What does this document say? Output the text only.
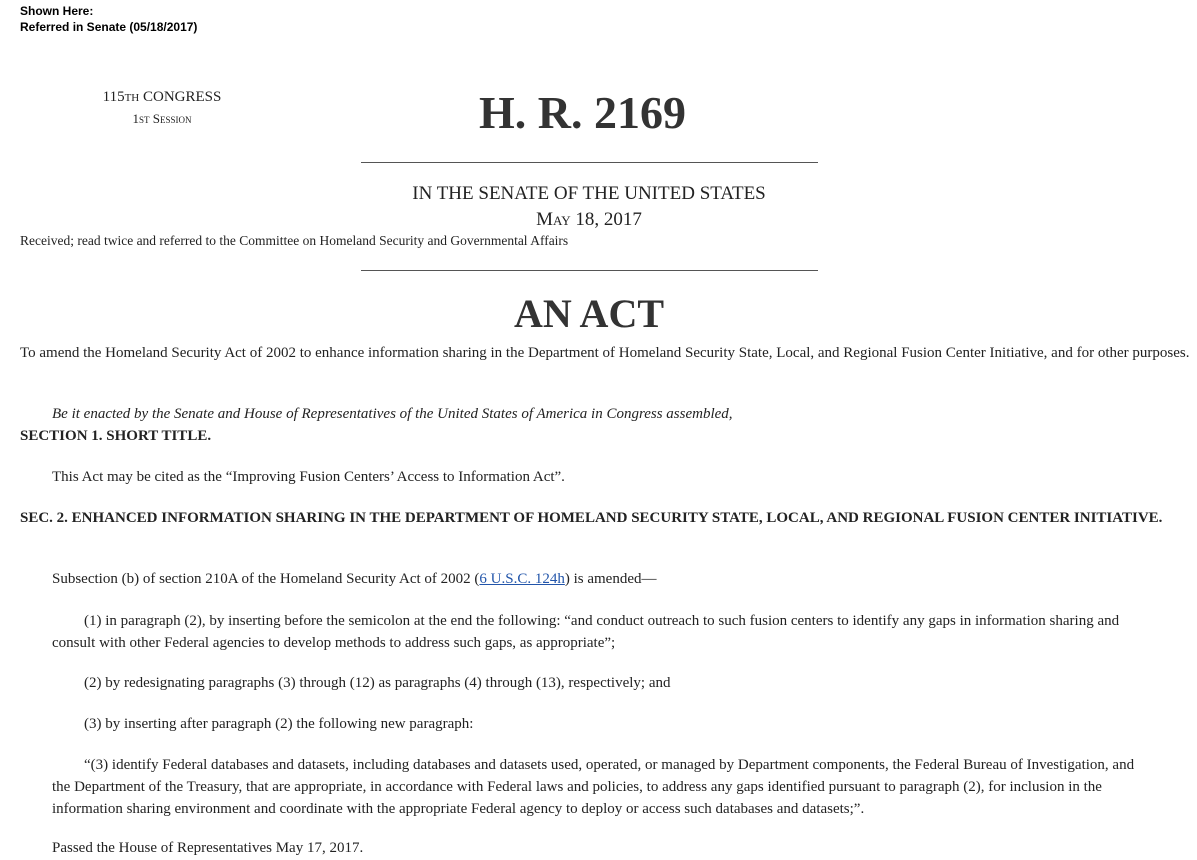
Shown Here:
Referred in Senate (05/18/2017)
115th CONGRESS
1st Session	H. R. 2169
IN THE SENATE OF THE UNITED STATES
May 18, 2017
Received; read twice and referred to the Committee on Homeland Security and Governmental Affairs
AN ACT
To amend the Homeland Security Act of 2002 to enhance information sharing in the Department of Homeland Security State, Local, and Regional Fusion Center Initiative, and for other purposes.
Be it enacted by the Senate and House of Representatives of the United States of America in Congress assembled,
SECTION 1. SHORT TITLE.
This Act may be cited as the “Improving Fusion Centers’ Access to Information Act”.
SEC. 2. ENHANCED INFORMATION SHARING IN THE DEPARTMENT OF HOMELAND SECURITY STATE, LOCAL, AND REGIONAL FUSION CENTER INITIATIVE.
Subsection (b) of section 210A of the Homeland Security Act of 2002 (6 U.S.C. 124h) is amended—
(1) in paragraph (2), by inserting before the semicolon at the end the following: “and conduct outreach to such fusion centers to identify any gaps in information sharing and consult with other Federal agencies to develop methods to address such gaps, as appropriate”;
(2) by redesignating paragraphs (3) through (12) as paragraphs (4) through (13), respectively; and
(3) by inserting after paragraph (2) the following new paragraph:
“(3) identify Federal databases and datasets, including databases and datasets used, operated, or managed by Department components, the Federal Bureau of Investigation, and the Department of the Treasury, that are appropriate, in accordance with Federal laws and policies, to address any gaps identified pursuant to paragraph (2), for inclusion in the information sharing environment and coordinate with the appropriate Federal agency to deploy or access such databases and datasets;”.
Passed the House of Representatives May 17, 2017.
